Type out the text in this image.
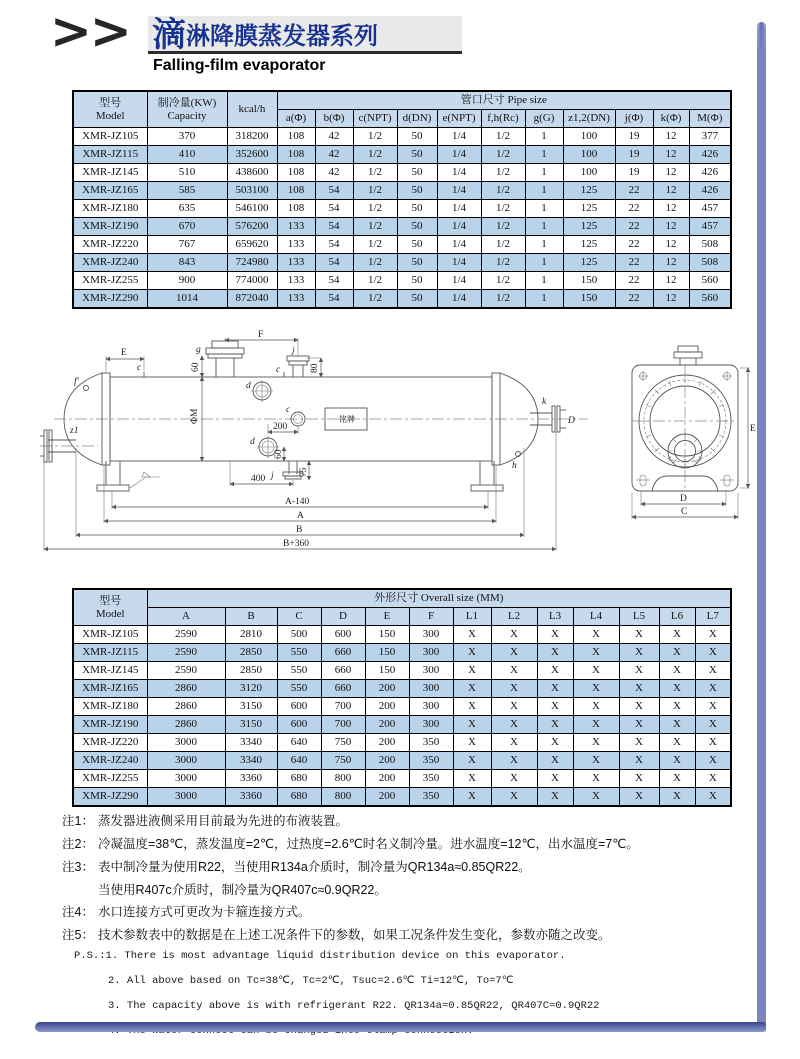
>> 滴 淋降膜蒸发器系列
Falling-film evaporator
型号
Model	制冷量(KW)
Capacity	kcal/h	管口尺寸 Pipe size										
			a(Φ)	b(Φ)	c(NPT)	d(DN)	e(NPT)	f,h(Rc)	g(G)	z1,2(DN)	j(Φ)	k(Φ)	M(Φ)
XMR-JZ105	370	318200	108	42	1/2	50	1/4	1/2	1	100	19	12	377
XMR-JZ115	410	352600	108	42	1/2	50	1/4	1/2	1	100	19	12	426
XMR-JZ145	510	438600	108	42	1/2	50	1/4	1/2	1	100	19	12	426
XMR-JZ165	585	503100	108	54	1/2	50	1/4	1/2	1	125	22	12	426
XMR-JZ180	635	546100	108	54	1/2	50	1/4	1/2	1	125	22	12	457
XMR-JZ190	670	576200	133	54	1/2	50	1/4	1/2	1	125	22	12	457
XMR-JZ220	767	659620	133	54	1/2	50	1/4	1/2	1	125	22	12	508
XMR-JZ240	843	724980	133	54	1/2	50	1/4	1/2	1	125	22	12	508
XMR-JZ255	900	774000	133	54	1/2	50	1/4	1/2	1	150	22	12	560
XMR-JZ290	1014	872040	133	54	1/2	50	1/4	1/2	1	150	22	12	560
z1
f'
c
E	g
60
ΦM
j
c	80
F
d
c
d
200
60
铭牌
k
D
h
j	75
400
A-140
A
B
B+360
D
C
E
型号
Model	外形尺寸 Overall size (MM)												
	A	B	C	D	E	F	L1	L2	L3	L4	L5	L6	L7
XMR-JZ105	2590	2810	500	600	150	300	X	X	X	X	X	X	X
XMR-JZ115	2590	2850	550	660	150	300	X	X	X	X	X	X	X
XMR-JZ145	2590	2850	550	660	150	300	X	X	X	X	X	X	X
XMR-JZ165	2860	3120	550	660	200	300	X	X	X	X	X	X	X
XMR-JZ180	2860	3150	600	700	200	300	X	X	X	X	X	X	X
XMR-JZ190	2860	3150	600	700	200	300	X	X	X	X	X	X	X
XMR-JZ220	3000	3340	640	750	200	350	X	X	X	X	X	X	X
XMR-JZ240	3000	3340	640	750	200	350	X	X	X	X	X	X	X
XMR-JZ255	3000	3360	680	800	200	350	X	X	X	X	X	X	X
XMR-JZ290	3000	3360	680	800	200	350	X	X	X	X	X	X	X
注1： 蒸发器进液侧采用目前最为先进的布液装置。
注2： 冷凝温度=38℃，蒸发温度=2℃，过热度=2.6℃时名义制冷量。进水温度=12℃，出水温度=7℃。
注3： 表中制冷量为使用R22，当使用R134a介质时，制冷量为QR134a≈0.85QR22。
当使用R407c介质时，制冷量为QR407c≈0.9QR22。
注4： 水口连接方式可更改为卡箍连接方式。
注5： 技术参数表中的数据是在上述工况条件下的参数，如果工况条件发生变化，参数亦随之改变。
P.S.:1. There is most advantage liquid distribution device on this evaporator.
2. All above based on Tc=38℃, Tc=2℃, Tsuc=2.6℃ Ti=12℃, To=7℃
3. The capacity above is with refrigerant R22. QR134a≈0.85QR22, QR407C≈0.9QR22
